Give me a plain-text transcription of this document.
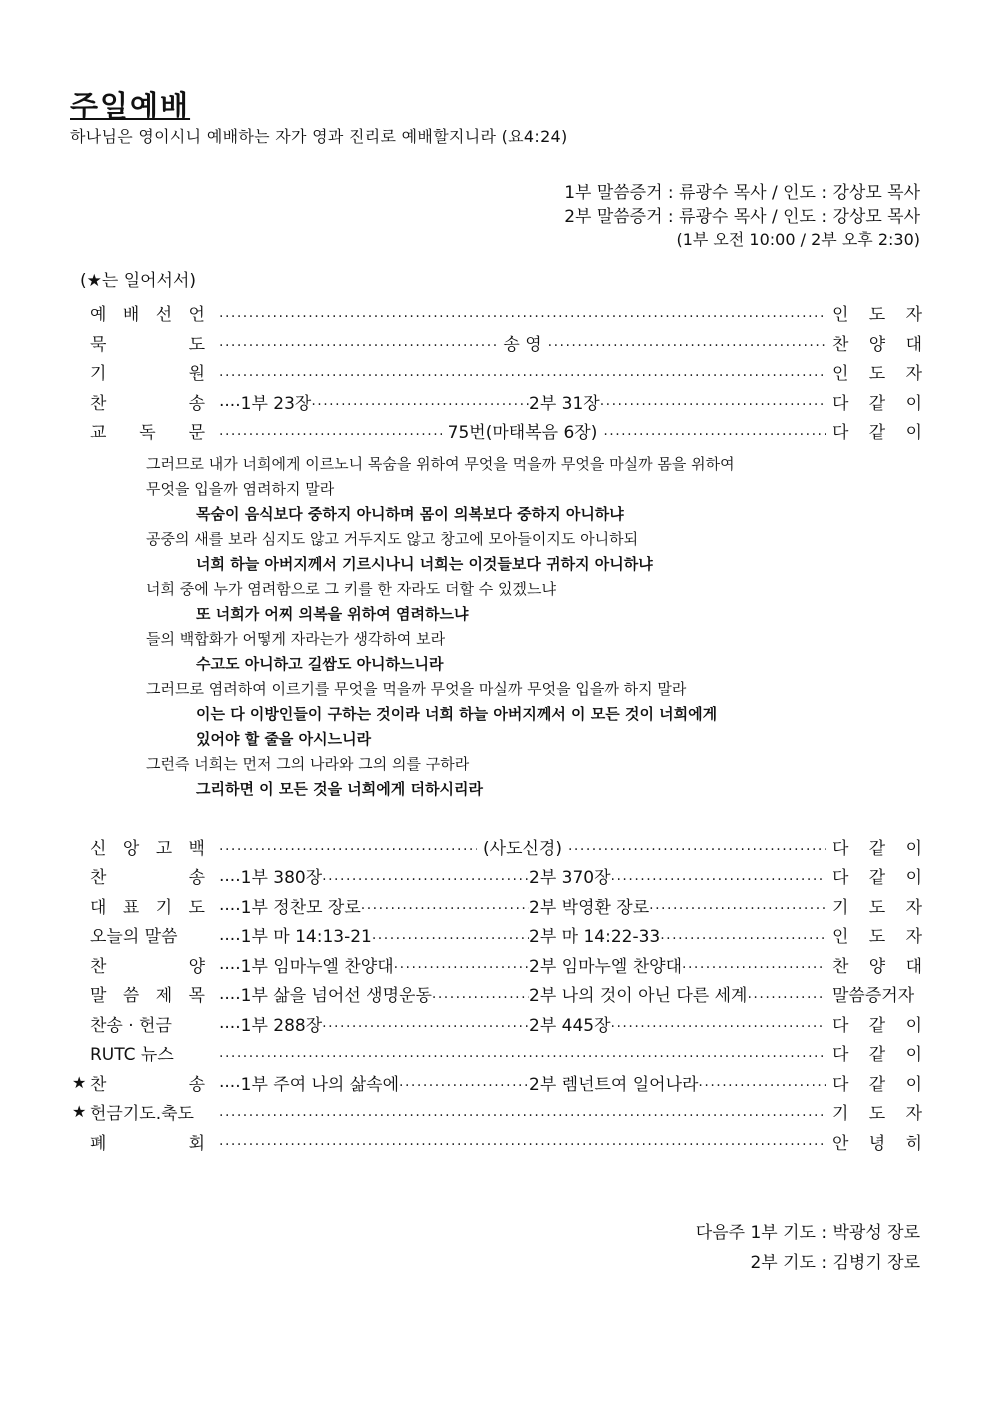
주일예배
하나님은 영이시니 예배하는 자가 영과 진리로 예배할지니라 (요4:24)
1부 말씀증거 : 류광수 목사 / 인도 : 강상모 목사
2부 말씀증거 : 류광수 목사 / 인도 : 강상모 목사
(1부 오전 10:00 / 2부 오후 2:30)
(★는 일어서서)
예 배 선 언 .....	인 도 자
묵	도 .....	송 영 .....	찬 양 대
기	원 .....	인 도 자
찬	송 .... 1부 23장 .....	2부 31장 .....	다 같 이
교 독 문 .....	75번(마태복음 6장) .....	다 같 이
신 앙 고 백 .....	(사도신경) .....	다 같 이
찬	송 .... 1부 380장 .....	2부 370장 .....	다 같 이
대 표 기 도 .... 1부 정찬모 장로 .....	2부 박영환 장로 .....	기 도 자
오늘의 말씀 .... 1부 마 14:13-21 .....	2부 마 14:22-33 .....	인 도 자
찬	양 .... 1부 임마누엘 찬양대 .....	2부 임마누엘 찬양대 .....	찬 양 대
말 씀 제 목 .... 1부 삶을 넘어선 생명운동 .....	2부 나의 것이 아닌 다른 세계 .....	말씀증거자
찬송 · 헌금	.... 1부 288장 .....	2부 445장 .....	다 같 이
RUTC 뉴스 .....	다 같 이
★ 찬	송 .... 1부 주여 나의 삶속에 .....	2부 렘넌트여 일어나라 .....	다 같 이
★ 헌금기도.축도 .....	기 도 자
폐	회 .....	안 녕 히
그러므로 내가 너희에게 이르노니 목숨을 위하여 무엇을 먹을까 무엇을 마실까 몸을 위하여
무엇을 입을까 염려하지 말라
목숨이 음식보다 중하지 아니하며 몸이 의복보다 중하지 아니하냐
공중의 새를 보라 심지도 않고 거두지도 않고 창고에 모아들이지도 아니하되
너희 하늘 아버지께서 기르시나니 너희는 이것들보다 귀하지 아니하냐
너희 중에 누가 염려함으로 그 키를 한 자라도 더할 수 있겠느냐
또 너희가 어찌 의복을 위하여 염려하느냐
들의 백합화가 어떻게 자라는가 생각하여 보라
수고도 아니하고 길쌈도 아니하느니라
그러므로 염려하여 이르기를 무엇을 먹을까 무엇을 마실까 무엇을 입을까 하지 말라
이는 다 이방인들이 구하는 것이라 너희 하늘 아버지께서 이 모든 것이 너희에게
있어야 할 줄을 아시느니라
그런즉 너희는 먼저 그의 나라와 그의 의를 구하라
그리하면 이 모든 것을 너희에게 더하시리라
다음주 1부 기도 : 박광성 장로
2부 기도 : 김병기 장로
